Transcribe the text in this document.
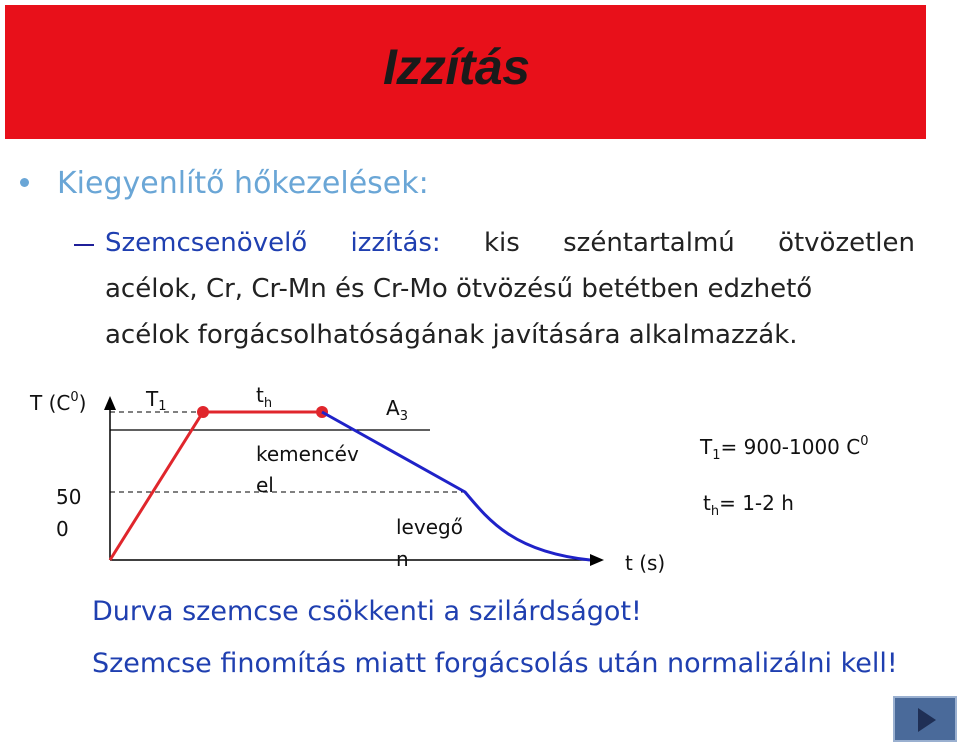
Izzítás
Kiegyenlítő hőkezelések:
Szemcsenövelő izzítás: kis széntartalmú ötvözetlen
acélok, Cr, Cr-Mn és Cr-Mo ötvözésű betétben edzhető
acélok forgácsolhatóságának javítására alkalmazzák.
T $(C^0)$
50
0
$T_1$	$t_h$	$A_3$
kemencév
el
levegő
n	t (s)
$T_1= 900-1000$ $C^0$
$t_h= 1-2$ h
Durva szemcse csökkenti a szilárdságot!
Szemcse finomítás miatt forgácsolás után normalizálni kell!
